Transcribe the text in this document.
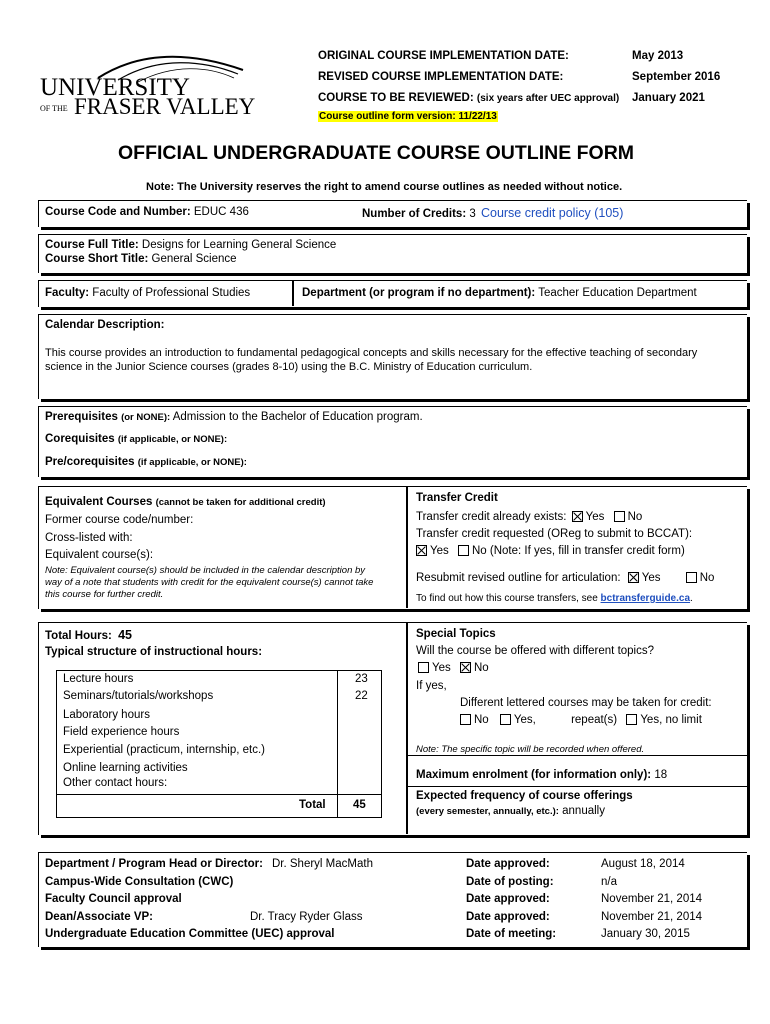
UNIVERSITY
OF THE FRASER VALLEY
ORIGINAL COURSE IMPLEMENTATION DATE:	May 2013
REVISED COURSE IMPLEMENTATION DATE:	September 2016
COURSE TO BE REVIEWED: (six years after UEC approval) January 2021
Course outline form version: 11/22/13
OFFICIAL UNDERGRADUATE COURSE OUTLINE FORM
Note: The University reserves the right to amend course outlines as needed without notice.
Course Code and Number: EDUC 436	Number of Credits: 3 Course credit policy (105)
Course Full Title: Designs for Learning General Science
Course Short Title: General Science
Faculty: Faculty of Professional Studies	Department (or program if no department): Teacher Education Department
Calendar Description:
This course provides an introduction to fundamental pedagogical concepts and skills necessary for the effective teaching of secondary
science in the Junior Science courses (grades 8-10) using the B.C. Ministry of Education curriculum.
Prerequisites (or NONE): Admission to the Bachelor of Education program.
Corequisites (if applicable, or NONE):
Pre/corequisites (if applicable, or NONE):
Equivalent Courses (cannot be taken for additional credit)
Former course code/number:
Cross-listed with:
Equivalent course(s):
Note: Equivalent course(s) should be included in the calendar description by
way of a note that students with credit for the equivalent course(s) cannot take
this course for further credit.
Transfer Credit
Transfer credit already exists: Yes No
Transfer credit requested (OReg to submit to BCCAT):
Yes No (Note: If yes, fill in transfer credit form)
Resubmit revised outline for articulation: Yes	No
To find out how this course transfers, see bctransferguide.ca.
Total Hours: 45
Typical structure of instructional hours:
Lecture hours	23
Seminars/tutorials/workshops	22
Laboratory hours
Field experience hours
Experiential (practicum, internship, etc.)
Online learning activities
Other contact hours:
Total 45
Special Topics
Will the course be offered with different topics?
Yes No
If yes,
Different lettered courses may be taken for credit:
No Yes,	repeat(s) Yes, no limit
Note: The specific topic will be recorded when offered.
Maximum enrolment (for information only): 18
Expected frequency of course offerings
(every semester, annually, etc.): annually
Department / Program Head or Director: Dr. Sheryl MacMath	Date approved:	August 18, 2014
Campus-Wide Consultation (CWC)	Date of posting:	n/a
Faculty Council approval	Date approved:	November 21, 2014
Dean/Associate VP:	Dr. Tracy Ryder Glass	Date approved:	November 21, 2014
Undergraduate Education Committee (UEC) approval	Date of meeting:	January 30, 2015
